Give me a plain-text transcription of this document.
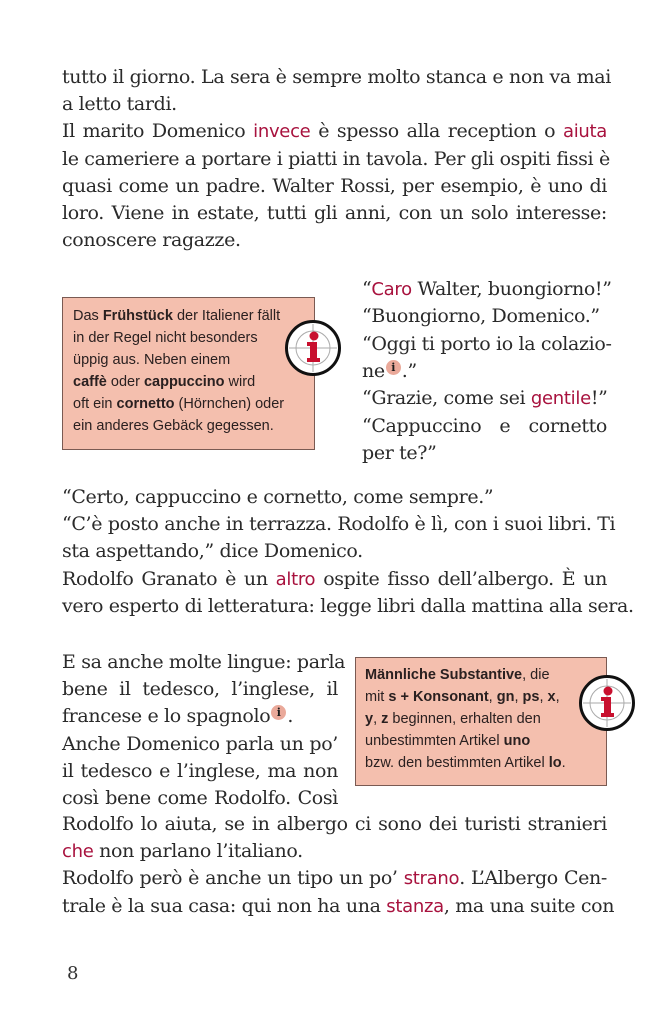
tutto il giorno. La sera è sempre molto stanca e non va mai
a letto tardi.
Il marito Domenico invece è spesso alla reception o aiuta
le cameriere a portare i piatti in tavola. Per gli ospiti fissi è
quasi come un padre. Walter Rossi, per esempio, è uno di
loro. Viene in estate, tutti gli anni, con un solo interesse:
conoscere ragazze.
“Caro Walter, buongiorno!”
“Buongiorno, Domenico.”
“Oggi ti porto io la colazio-
ne i .”
“Grazie, come sei gentile!”
“Cappuccino e cornetto
per te?”
Das Frühstück der Italiener fällt
in der Regel nicht besonders
üppig aus. Neben einem
caffè oder cappuccino wird
oft ein cornetto (Hörnchen) oder
ein anderes Gebäck gegessen.
“Certo, cappuccino e cornetto, come sempre.”
“C’è posto anche in terrazza. Rodolfo è lì, con i suoi libri. Ti
sta aspettando,” dice Domenico.
Rodolfo Granato è un altro ospite fisso dell’albergo. È un
vero esperto di letteratura: legge libri dalla mattina alla sera.
E sa anche molte lingue: parla
bene il tedesco, l’inglese, il
francese e lo spagnolo i .
Anche Domenico parla un po’
il tedesco e l’inglese, ma non
così bene come Rodolfo. Così
Männliche Substantive, die
mit s + Konsonant, gn, ps, x,
y, z beginnen, erhalten den
unbestimmten Artikel uno
bzw. den bestimmten Artikel lo.
Rodolfo lo aiuta, se in albergo ci sono dei turisti stranieri
che non parlano l’italiano.
Rodolfo però è anche un tipo un po’ strano. L’Albergo Cen-
trale è la sua casa: qui non ha una stanza, ma una suite con
8
